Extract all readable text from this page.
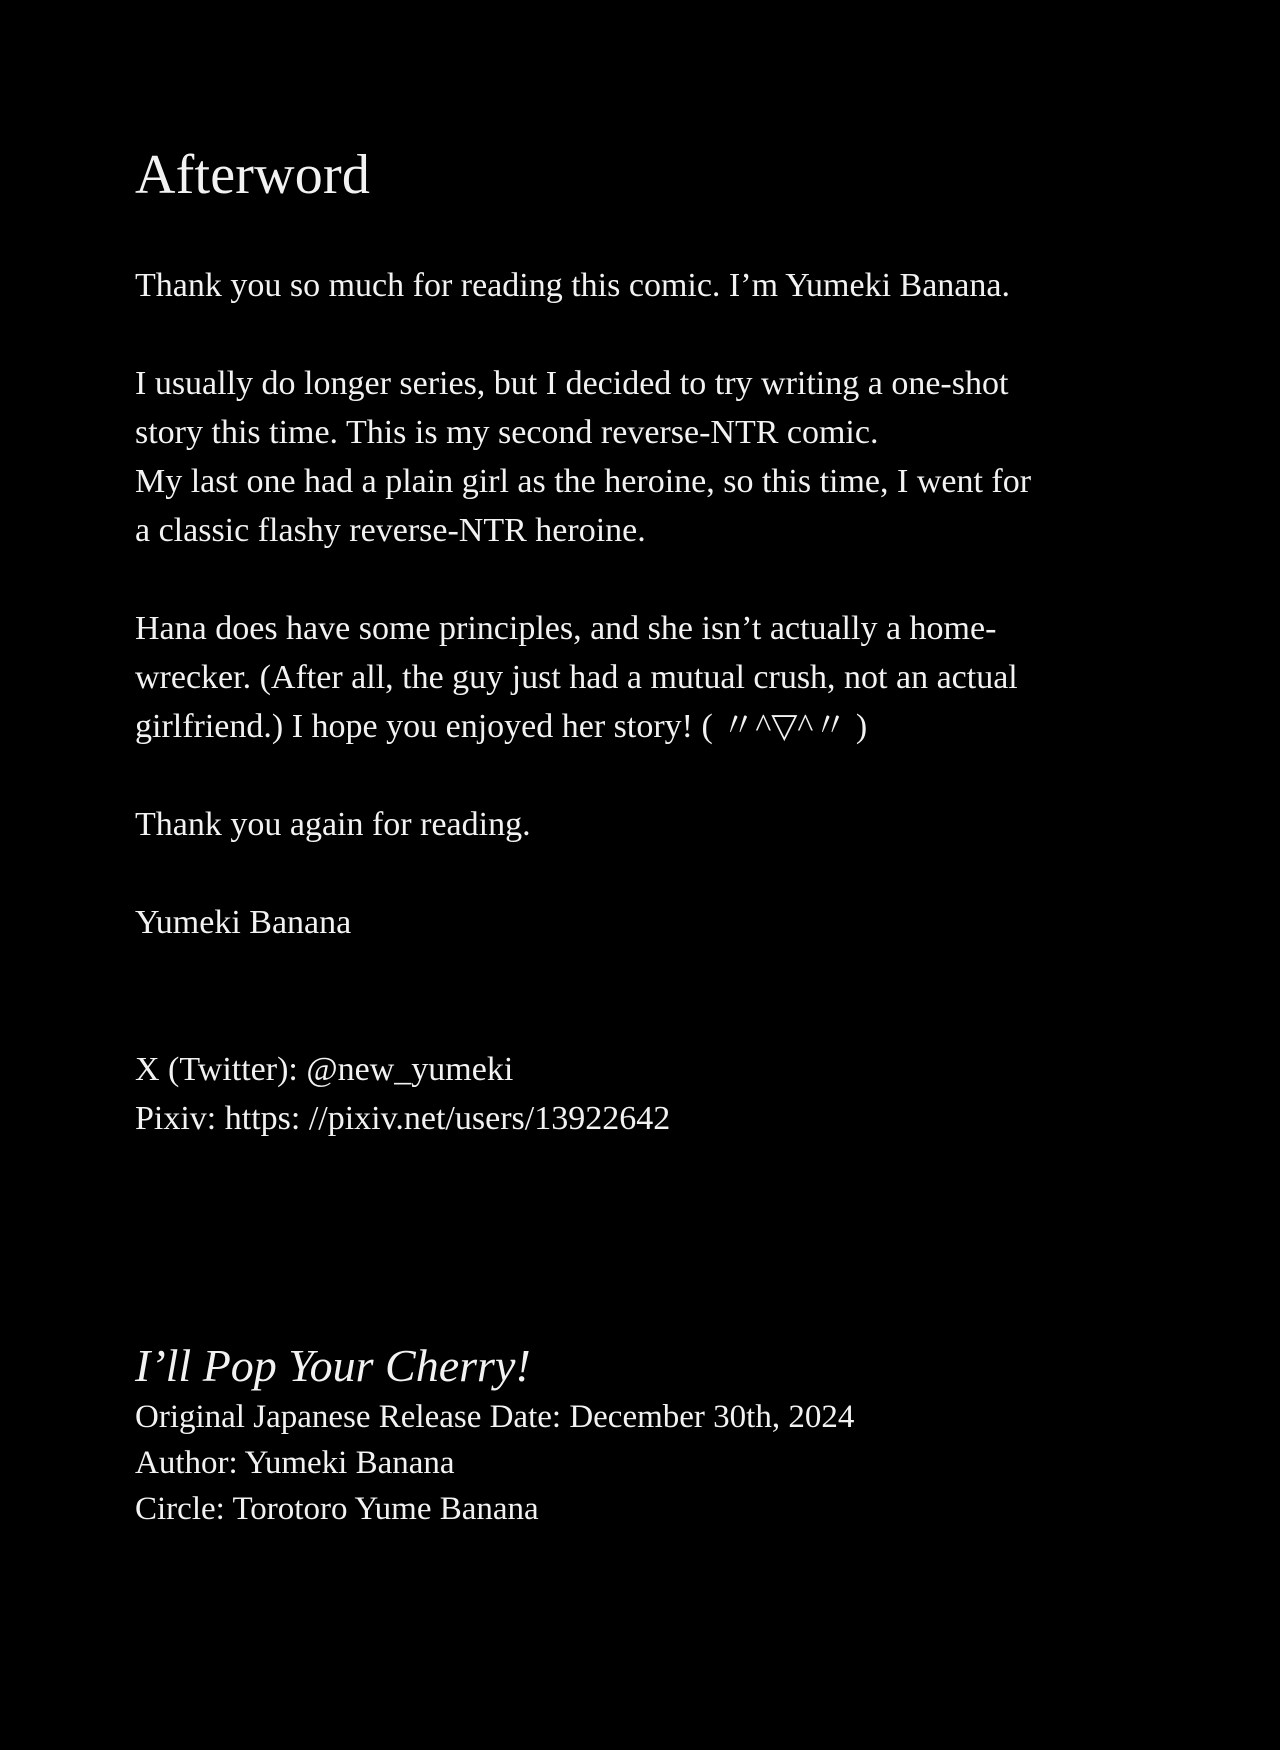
Afterword

Thank you so much for reading this comic. I’m Yumeki Banana.

I usually do longer series, but I decided to try writing a one-shot
story this time. This is my second reverse-NTR comic.
My last one had a plain girl as the heroine, so this time, I went for
a classic flashy reverse-NTR heroine.

Hana does have some principles, and she isn’t actually a home-
wrecker. (After all, the guy just had a mutual crush, not an actual
girlfriend.) I hope you enjoyed her story! ( 〃^▽^〃 )

Thank you again for reading.

Yumeki Banana

X (Twitter): @new_yumeki
Pixiv: https: //pixiv.net/users/13922642
I’ll Pop Your Cherry!
Original Japanese Release Date: December 30th, 2024
Author: Yumeki Banana
Circle: Torotoro Yume Banana
